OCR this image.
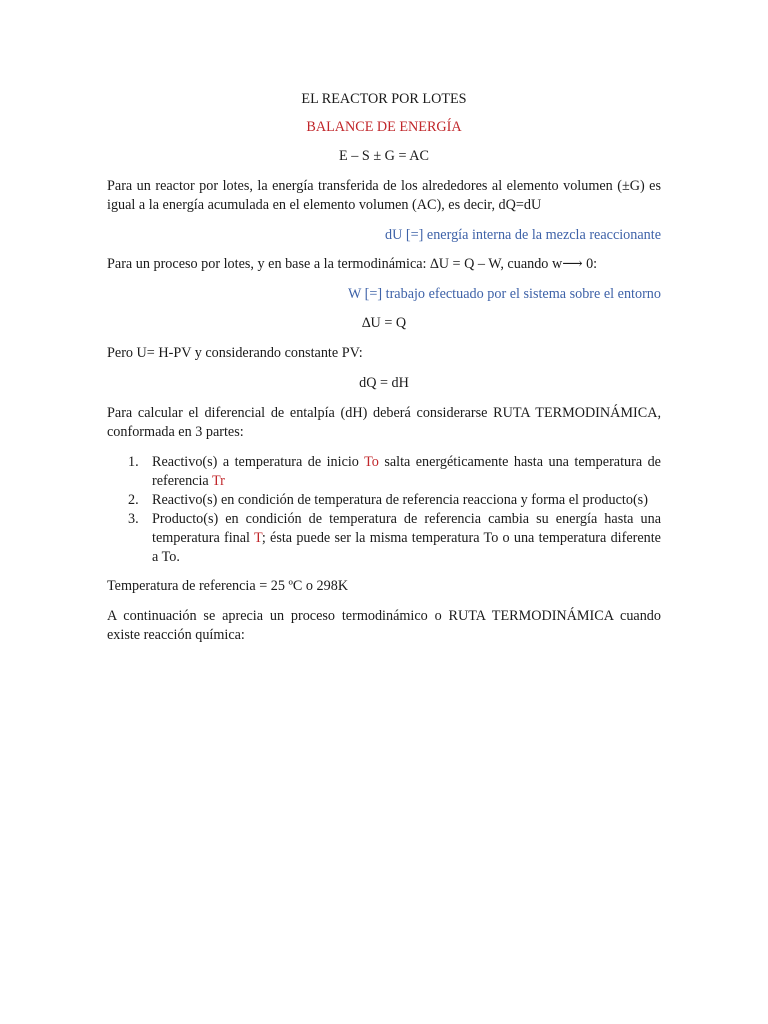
EL REACTOR POR LOTES
BALANCE DE ENERGÍA
E – S ± G = AC
Para un reactor por lotes, la energía transferida de los alrededores al elemento volumen (±G) es igual a la energía acumulada en el elemento volumen (AC), es decir, dQ=dU
dU [=] energía interna de la mezcla reaccionante
Para un proceso por lotes, y en base a la termodinámica: ∆U = Q – W, cuando w⟶ 0:
W [=] trabajo efectuado por el sistema sobre el entorno
∆U = Q
Pero U= H-PV y considerando constante PV:
dQ = dH
Para calcular el diferencial de entalpía (dH) deberá considerarse RUTA TERMODINÁMICA, conformada en 3 partes:
1. Reactivo(s) a temperatura de inicio To salta energéticamente hasta una temperatura de referencia Tr
2. Reactivo(s) en condición de temperatura de referencia reacciona y forma el producto(s)
3. Producto(s) en condición de temperatura de referencia cambia su energía hasta una temperatura final T; ésta puede ser la misma temperatura To o una temperatura diferente a To.
Temperatura de referencia = 25 ºC o 298K
A continuación se aprecia un proceso termodinámico o RUTA TERMODINÁMICA cuando existe reacción química:
